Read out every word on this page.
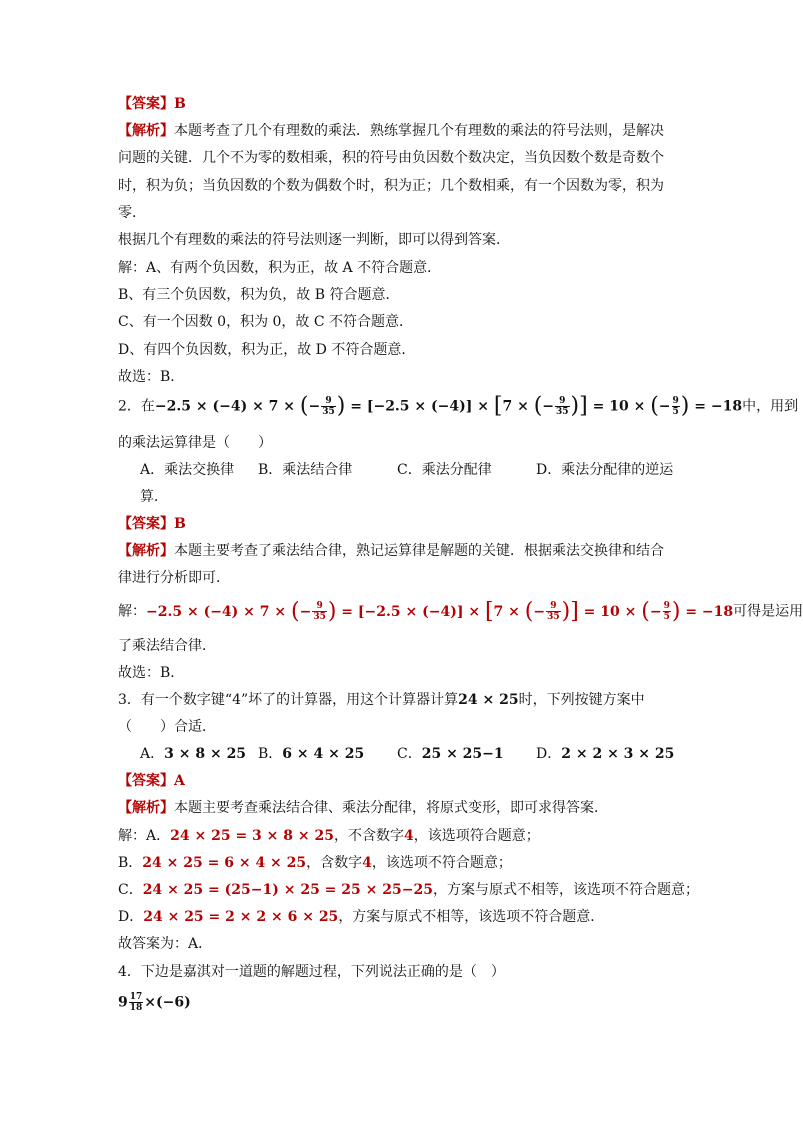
【答案】B
【解析】本题考查了几个有理数的乘法．熟练掌握几个有理数的乘法的符号法则，是解决
问题的关键．几个不为零的数相乘，积的符号由负因数个数决定，当负因数个数是奇数个
时，积为负；当负因数的个数为偶数个时，积为正；几个数相乘，有一个因数为零，积为
零．
根据几个有理数的乘法的符号法则逐一判断，即可以得到答案．
解：A、有两个负因数，积为正，故 A 不符合题意．
B、有三个负因数，积为负，故 B 符合题意．
C、有一个因数 0，积为 0，故 C 不符合题意．
D、有四个负因数，积为正，故 D 不符合题意．
故选：B．
2．在−2.5 × (−4) × 7 × (− $\frac{9}{35}$ ) = [−2.5 × (−4)] × [7 × (− $\frac{9}{35}$ )] = 10 × (− $\frac{9}{5}$ ) = −18中，用到
的乘法运算律是（　　）
A．乘法交换律 B．乘法结合律	C．乘法分配律	D．乘法分配律的逆运
算．
【答案】B
【解析】本题主要考查了乘法结合律，熟记运算律是解题的关键．根据乘法交换律和结合
律进行分析即可．
解：−2.5 × (−4) × 7 × (− $\frac{9}{35}$ ) = [−2.5 × (−4)] × [7 × (− $\frac{9}{35}$ )] = 10 × (− $\frac{9}{5}$ ) = −18可得是运用
了乘法结合律．
故选：B．
3．有一个数字键“4”坏了的计算器，用这个计算器计算24 × 25时，下列按键方案中
（　　）合适．
A．3 × 8 × 25 B．6 × 4 × 25 C．25 × 25−1 D．2 × 2 × 3 × 25
【答案】A
【解析】本题主要考查乘法结合律、乘法分配律，将原式变形，即可求得答案．
解：A．24 × 25 = 3 × 8 × 25，不含数字4，该选项符合题意；
B．24 × 25 = 6 × 4 × 25，含数字4，该选项不符合题意；
C．24 × 25 = (25−1) × 25 = 25 × 25−25，方案与原式不相等，该选项不符合题意；
D．24 × 25 = 2 × 2 × 6 × 25，方案与原式不相等，该选项不符合题意．
故答案为：A．
4．下边是嘉淇对一道题的解题过程，下列说法正确的是（　）
$9 \frac{17}{18} \times(-6)$
